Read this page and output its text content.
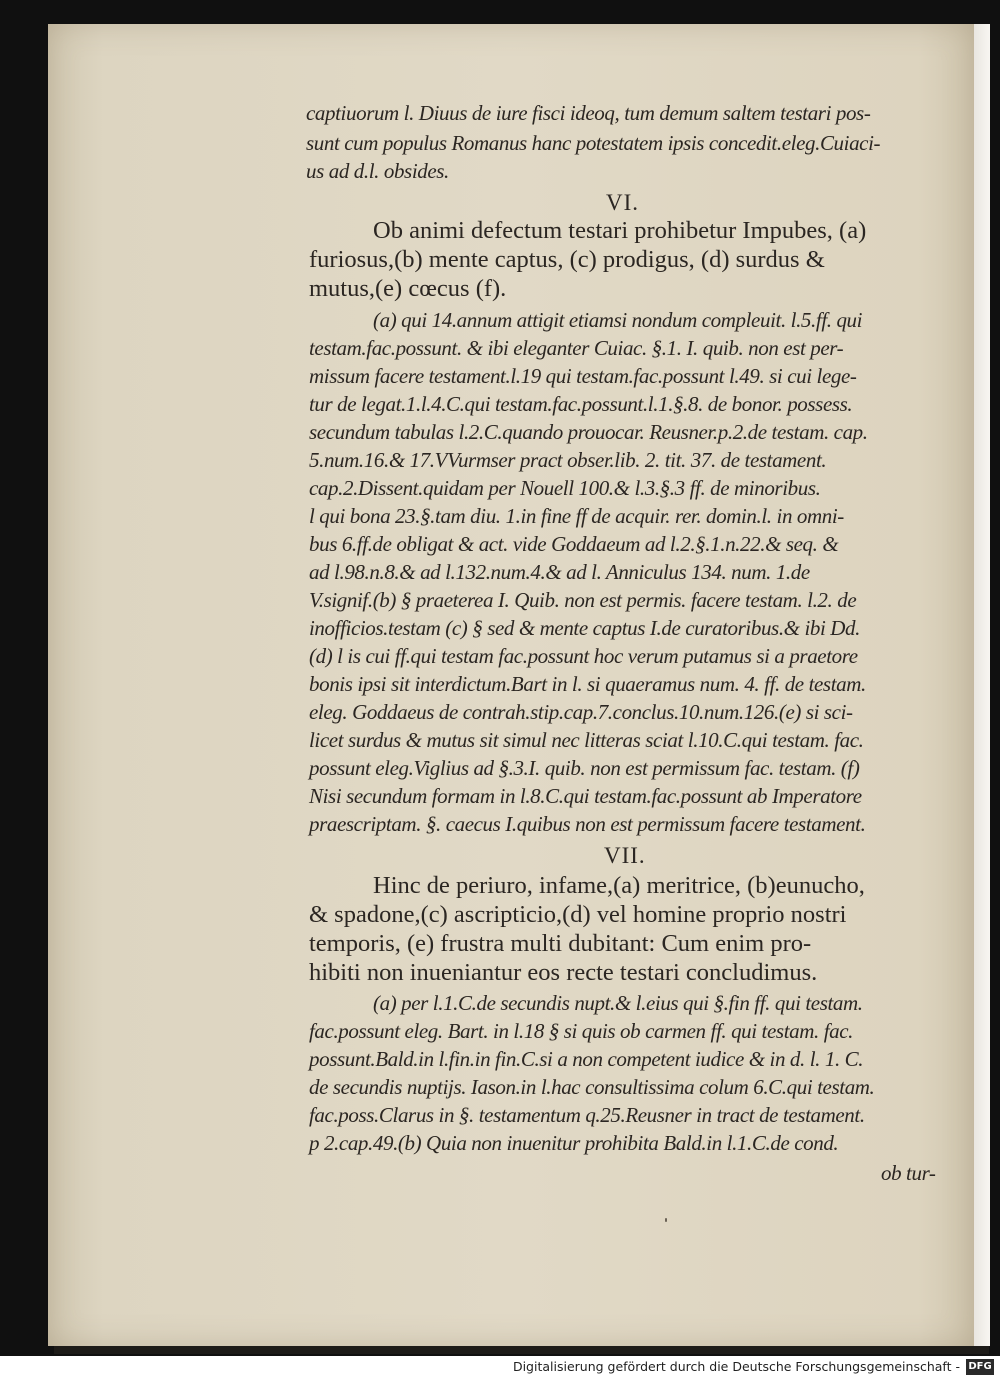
captiuorum l. Diuus de iure fisci ideoq, tum demum saltem testari pos-

sunt cum populus Romanus hanc potestatem ipsis concedit.eleg.Cuiaci-

us ad d.l. obsides.

VI.

Ob animi defectum testari prohibetur Impubes, (a)

furiosus,(b) mente captus, (c) prodigus, (d) surdus &

mutus,(e) cœcus (f).

(a) qui 14.annum attigit etiamsi nondum compleuit. l.5.ff. qui

testam.fac.possunt. & ibi eleganter Cuiac. §.1. I. quib. non est per-

missum facere testament.l.19 qui testam.fac.possunt l.49. si cui lege-

tur de legat.1.l.4.C.qui testam.fac.possunt.l.1.§.8. de bonor. possess.

secundum tabulas l.2.C.quando prouocar. Reusner.p.2.de testam. cap.

5.num.16.& 17.VVurmser pract obser.lib. 2. tit. 37. de testament.

cap.2.Dissent.quidam per Nouell 100.& l.3.§.3 ff. de minoribus.

l qui bona 23.§.tam diu. 1.in fine ff de acquir. rer. domin.l. in omni-

bus 6.ff.de obligat & act. vide Goddaeum ad l.2.§.1.n.22.& seq. &

ad l.98.n.8.& ad l.132.num.4.& ad l. Anniculus 134. num. 1.de

V.signif.(b) § praeterea I. Quib. non est permis. facere testam. l.2. de

inofficios.testam (c) § sed & mente captus I.de curatoribus.& ibi Dd.

(d) l is cui ff.qui testam fac.possunt hoc verum putamus si a praetore

bonis ipsi sit interdictum.Bart in l. si quaeramus num. 4. ff. de testam.

eleg. Goddaeus de contrah.stip.cap.7.conclus.10.num.126.(e) si sci-

licet surdus & mutus sit simul nec litteras sciat l.10.C.qui testam. fac.

possunt eleg.Viglius ad §.3.I. quib. non est permissum fac. testam. (f)

Nisi secundum formam in l.8.C.qui testam.fac.possunt ab Imperatore

praescriptam. §. caecus I.quibus non est permissum facere testament.

VII.

Hinc de periuro, infame,(a) meritrice, (b)eunucho,

& spadone,(c) ascripticio,(d) vel homine proprio nostri

temporis, (e) frustra multi dubitant: Cum enim pro-

hibiti non inueniantur eos recte testari concludimus.

(a) per l.1.C.de secundis nupt.& l.eius qui §.fin ff. qui testam.

fac.possunt eleg. Bart. in l.18 § si quis ob carmen ff. qui testam. fac.

possunt.Bald.in l.fin.in fin.C.si a non competent iudice & in d. l. 1. C.

de secundis nuptijs. Iason.in l.hac consultissima colum 6.C.qui testam.

fac.poss.Clarus in §. testamentum q.25.Reusner in tract de testament.

p 2.cap.49.(b) Quia non inuenitur prohibita Bald.in l.1.C.de cond.

ob tur-

Digitalisierung gefördert durch die Deutsche Forschungsgemeinschaft - DFG
